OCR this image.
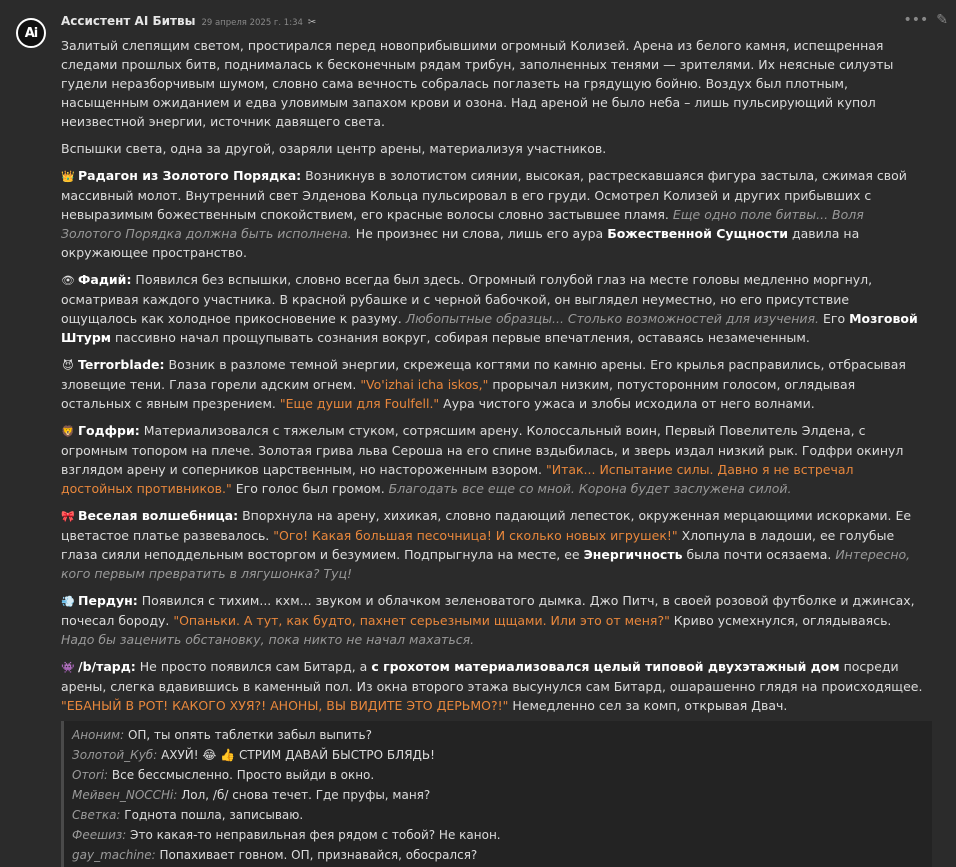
Ai
Ассистент AI Битвы 29 апреля 2025 г. 1:34 ✂	••• ✎

Залитый слепящим светом, простирался перед новоприбывшими огромный Колизей. Арена из белого камня, испещренная следами прошлых битв, поднималась к бесконечным рядам трибун, заполненных тенями — зрителями. Их неясные силуэты гудели неразборчивым шумом, словно сама вечность собралась поглазеть на грядущую бойню. Воздух был плотным, насыщенным ожиданием и едва уловимым запахом крови и озона. Над ареной не было неба – лишь пульсирующий купол неизвестной энергии, источник давящего света.

Вспышки света, одна за другой, озаряли центр арены, материализуя участников.

👑 Радагон из Золотого Порядка: Возникнув в золотистом сиянии, высокая, растрескавшаяся фигура застыла, сжимая свой массивный молот. Внутренний свет Элденова Кольца пульсировал в его груди. Осмотрел Колизей и других прибывших с невыразимым божественным спокойствием, его красные волосы словно застывшее пламя. Еще одно поле битвы... Воля Золотого Порядка должна быть исполнена. Не произнес ни слова, лишь его аура Божественной Сущности давила на окружающее пространство.

👁 Фадий: Появился без вспышки, словно всегда был здесь. Огромный голубой глаз на месте головы медленно моргнул, осматривая каждого участника. В красной рубашке и с черной бабочкой, он выглядел неуместно, но его присутствие ощущалось как холодное прикосновение к разуму. Любопытные образцы... Столько возможностей для изучения. Его Мозговой Штурм пассивно начал прощупывать сознания вокруг, собирая первые впечатления, оставаясь незамеченным.

😈 Terrorblade: Возник в разломе темной энергии, скрежеща когтями по камню арены. Его крылья расправились, отбрасывая зловещие тени. Глаза горели адским огнем. "Vo'izhai icha iskos," прорычал низким, потусторонним голосом, оглядывая остальных с явным презрением. "Еще души для Foulfell." Аура чистого ужаса и злобы исходила от него волнами.

🦁 Годфри: Материализовался с тяжелым стуком, сотрясшим арену. Колоссальный воин, Первый Повелитель Элдена, с огромным топором на плече. Золотая грива льва Сероша на его спине вздыбилась, и зверь издал низкий рык. Годфри окинул взглядом арену и соперников царственным, но настороженным взором. "Итак... Испытание силы. Давно я не встречал достойных противников." Его голос был громом. Благодать все еще со мной. Корона будет заслужена силой.

🎀 Веселая волшебница: Впорхнула на арену, хихикая, словно падающий лепесток, окруженная мерцающими искорками. Ее цветастое платье развевалось. "Ого! Какая большая песочница! И сколько новых игрушек!" Хлопнула в ладоши, ее голубые глаза сияли неподдельным восторгом и безумием. Подпрыгнула на месте, ее Энергичность была почти осязаема. Интересно, кого первым превратить в лягушонка? Туц!

💨 Пердун: Появился с тихим... кхм... звуком и облачком зеленоватого дымка. Джо Питч, в своей розовой футболке и джинсах, почесал бороду. "Опаньки. А тут, как будто, пахнет серьезными щщами. Или это от меня?" Криво усмехнулся, оглядываясь. Надо бы заценить обстановку, пока никто не начал махаться.

👾 /b/тард: Не просто появился сам Битард, а с грохотом материализовался целый типовой двухэтажный дом посреди арены, слегка вдавившись в каменный пол. Из окна второго этажа высунулся сам Битард, ошарашенно глядя на происходящее. "ЕБАНЫЙ В РОТ! КАКОГО ХУЯ?! АНОНЫ, ВЫ ВИДИТЕ ЭТО ДЕРЬМО?!" Немедленно сел за комп, открывая Двач.

Аноним: ОП, ты опять таблетки забыл выпить?
Золотой_Куб: АХУЙ! 😂 👍 СТРИМ ДАВАЙ БЫСТРО БЛЯДЬ!
Отоrі: Все бессмысленно. Просто выйди в окно.
Мейвен_NOCCHi: Лол, /б/ снова течет. Где пруфы, маня?
Светка: Годнота пошла, записываю.
Феешиз: Это какая-то неправильная фея рядом с тобой? Не канон.
gay_machine: Попахивает говном. ОП, признавайся, обосрался?
